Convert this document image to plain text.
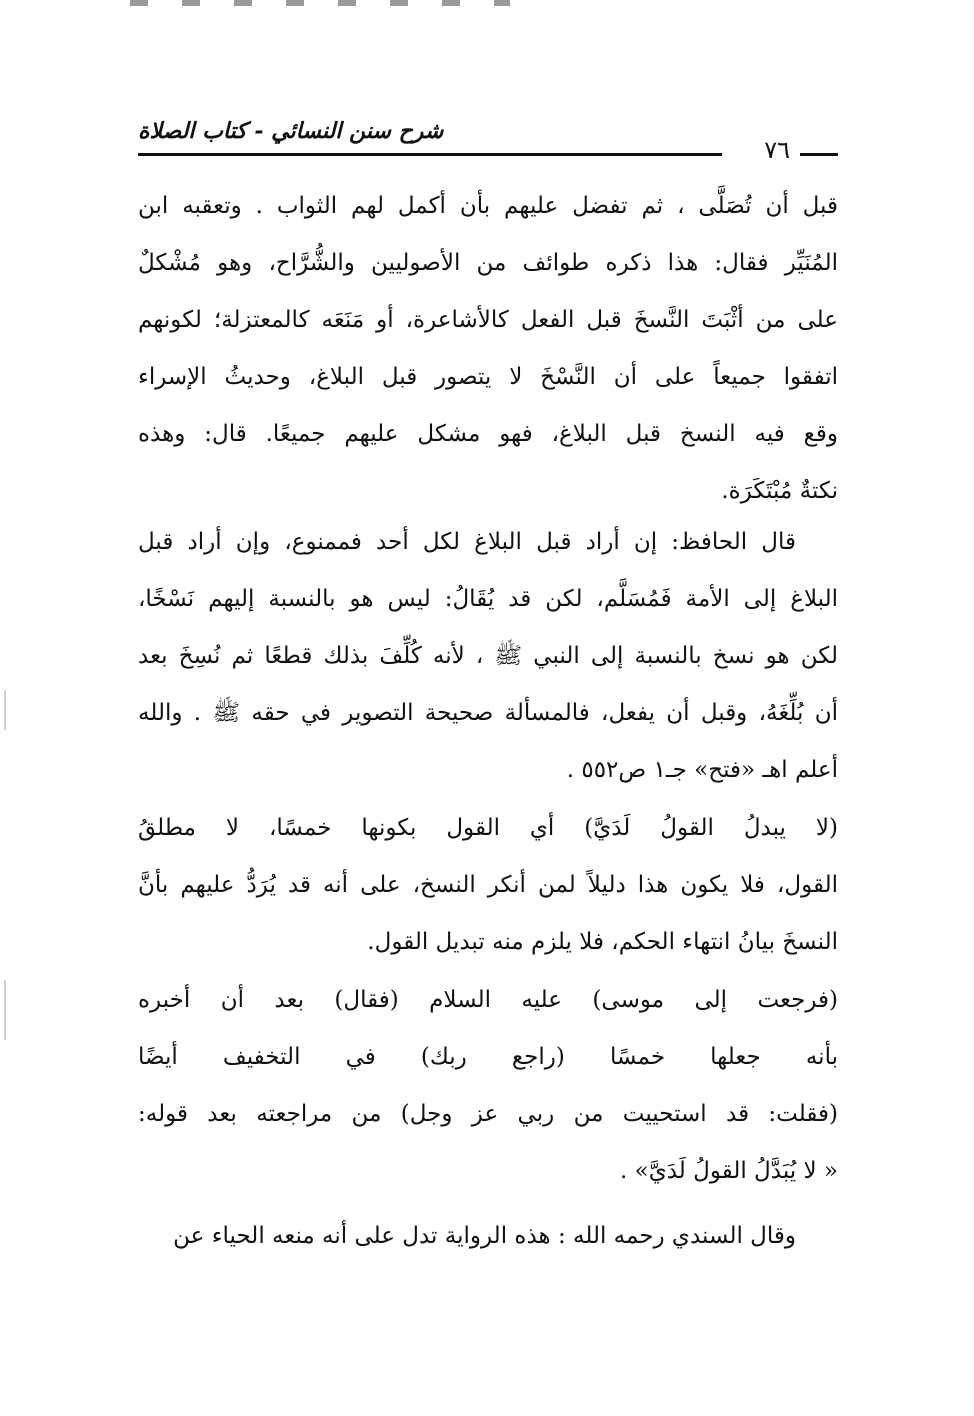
شرح سنن النسائي - كتاب الصلاة
٧٦
قبل أن تُصَلَّى ، ثم تفضل عليهم بأن أكمل لهم الثواب . وتعقبه ابن
المُنَيِّر فقال: هذا ذكره طوائف من الأصوليين والشُّرَّاح، وهو مُشْكلٌ
على من أثْبَتَ النَّسخَ قبل الفعل كالأشاعرة، أو مَنَعَه كالمعتزلة؛ لكونهم
اتفقوا جميعاً على أن النَّسْخَ لا يتصور قبل البلاغ، وحديثُ الإسراء
وقع فيه النسخ قبل البلاغ، فهو مشكل عليهم جميعًا. قال: وهذه
نكتةٌ مُبْتَكَرَة.
قال الحافظ: إن أراد قبل البلاغ لكل أحد فممنوع، وإن أراد قبل
البلاغ إلى الأمة فَمُسَلَّم، لكن قد يُقَالُ: ليس هو بالنسبة إليهم نَسْخًا،
لكن هو نسخ بالنسبة إلى النبي ﷺ ، لأنه كُلِّفَ بذلك قطعًا ثم نُسِخَ بعد
أن بُلِّغَهُ، وقبل أن يفعل، فالمسألة صحيحة التصوير في حقه ﷺ . والله
أعلم اهـ «فتح» جـ١ ص٥٥٢ .
(لا يبدلُ القولُ لَدَيَّ) أي القول بكونها خمسًا، لا مطلقُ
القول، فلا يكون هذا دليلاً لمن أنكر النسخ، على أنه قد يُرَدُّ عليهم بأنَّ
النسخَ بيانُ انتهاء الحكم، فلا يلزم منه تبديل القول.
(فرجعت إلى موسى) عليه السلام (فقال) بعد أن أخبره
بأنه جعلها خمسًا (راجع ربك) في التخفيف أيضًا
(فقلت: قد استحييت من ربي عز وجل) من مراجعته بعد قوله:
« لا يُبَدَّلُ القولُ لَدَيَّ» .
وقال السندي رحمه الله : هذه الرواية تدل على أنه منعه الحياء عن
